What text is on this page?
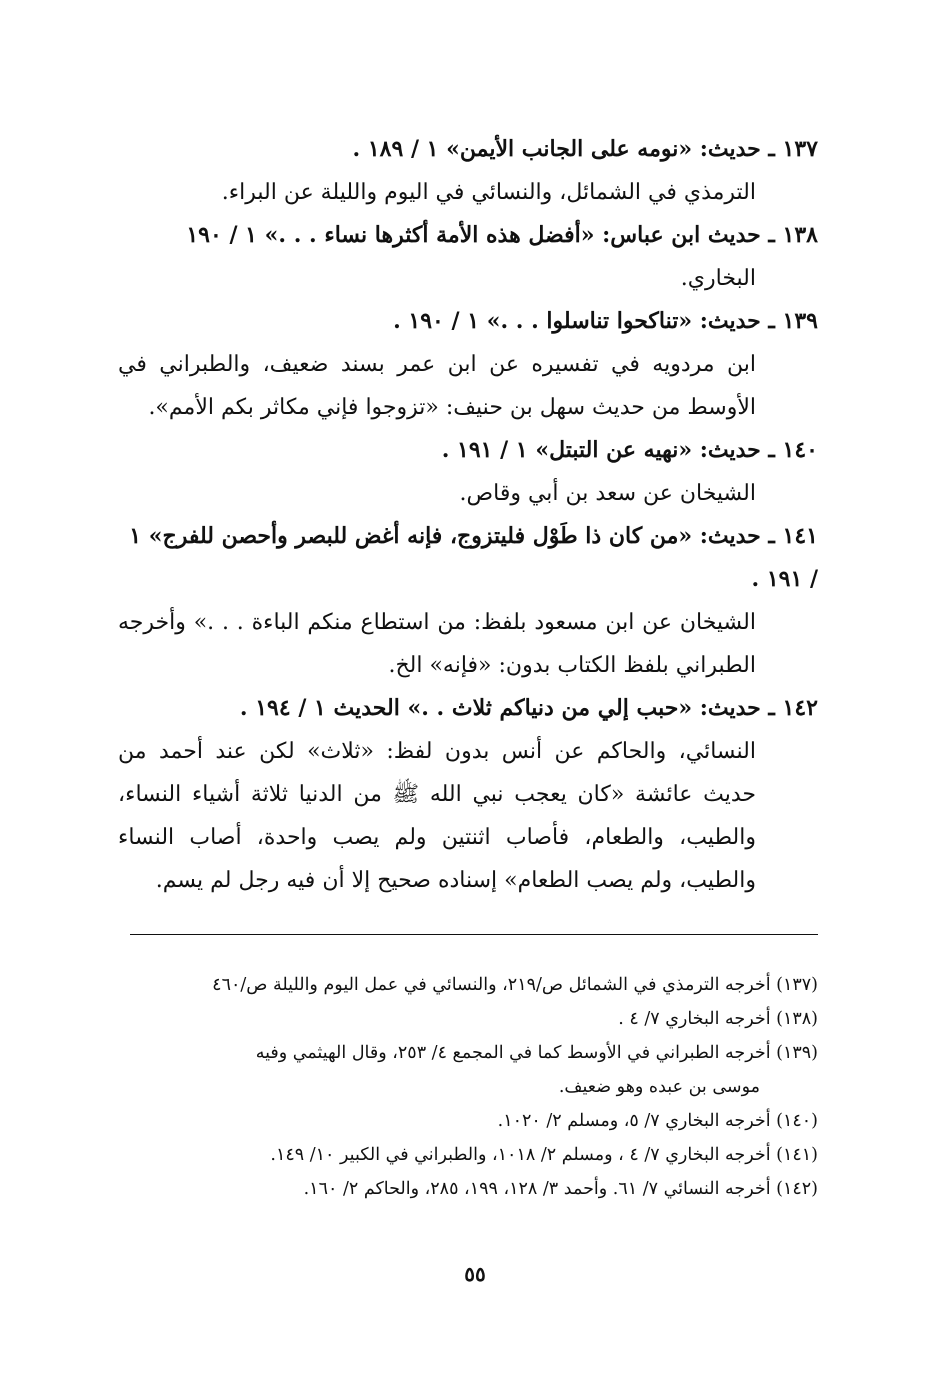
١٣٧ ـ حديث: «نومه على الجانب الأيمن» ١ / ١٨٩ .
الترمذي في الشمائل، والنسائي في اليوم والليلة عن البراء.
١٣٨ ـ حديث ابن عباس: «أفضل هذه الأمة أكثرها نساء . . .» ١ / ١٩٠
البخاري.
١٣٩ ـ حديث: «تناكحوا تناسلوا . . .» ١ / ١٩٠ .
ابن مردويه في تفسيره عن ابن عمر بسند ضعيف، والطبراني في الأوسط من حديث سهل بن حنيف: «تزوجوا فإني مكاثر بكم الأمم».
١٤٠ ـ حديث: «نهيه عن التبتل» ١ / ١٩١ .
الشيخان عن سعد بن أبي وقاص.
١٤١ ـ حديث: «من كان ذا طَوْل فليتزوج، فإنه أغض للبصر وأحصن للفرج» ١ / ١٩١ .
الشيخان عن ابن مسعود بلفظ: من استطاع منكم الباءة . . .» وأخرجه الطبراني بلفظ الكتاب بدون: «فإنه» الخ.
١٤٢ ـ حديث: «حبب إلي من دنياكم ثلاث . .» الحديث ١ / ١٩٤ .
النسائي، والحاكم عن أنس بدون لفظ: «ثلاث» لكن عند أحمد من حديث عائشة «كان يعجب نبي الله ﷺ من الدنيا ثلاثة أشياء النساء، والطيب، والطعام، فأصاب اثنتين ولم يصب واحدة، أصاب النساء والطيب، ولم يصب الطعام» إسناده صحيح إلا أن فيه رجل لم يسم.
(١٣٧) أخرجه الترمذي في الشمائل ص/٢١٩، والنسائي في عمل اليوم والليلة ص/٤٦٠
(١٣٨) أخرجه البخاري ٧/ ٤ .
(١٣٩) أخرجه الطبراني في الأوسط كما في المجمع ٤/ ٢٥٣، وقال الهيثمي وفيه
موسى بن عبده وهو ضعيف.
(١٤٠) أخرجه البخاري ٧/ ٥، ومسلم ٢/ ١٠٢٠.
(١٤١) أخرجه البخاري ٧/ ٤ ، ومسلم ٢/ ١٠١٨، والطبراني في الكبير ١٠/ ١٤٩.
(١٤٢) أخرجه النسائي ٧/ ٦١. وأحمد ٣/ ١٢٨، ١٩٩، ٢٨٥، والحاكم ٢/ ١٦٠.
٥٥
